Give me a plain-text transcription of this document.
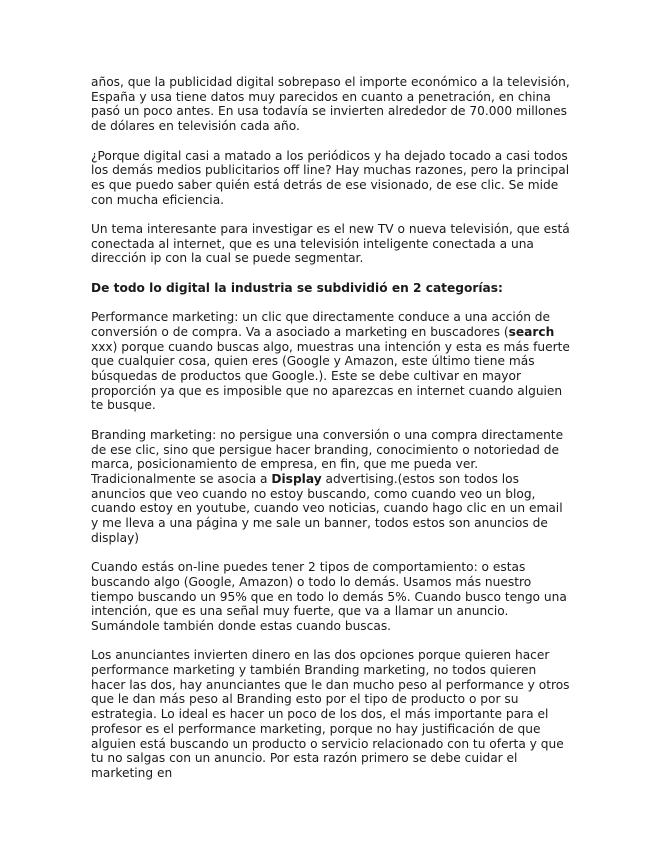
años, que la publicidad digital sobrepaso el importe económico a la televisión, España y usa tiene datos muy parecidos en cuanto a penetración, en china pasó un poco antes. En usa todavía se invierten alrededor de 70.000 millones de dólares en televisión cada año.

¿Porque digital casi a matado a los periódicos y ha dejado tocado a casi todos los demás medios publicitarios off line? Hay muchas razones, pero la principal es que puedo saber quién está detrás de ese visionado, de ese clic. Se mide con mucha eficiencia.

Un tema interesante para investigar es el new TV o nueva televisión, que está conectada al internet, que es una televisión inteligente conectada a una dirección ip con la cual se puede segmentar.

De todo lo digital la industria se subdividió en 2 categorías:

Performance marketing: un clic que directamente conduce a una acción de conversión o de compra. Va a asociado a marketing en buscadores (search xxx) porque cuando buscas algo, muestras una intención y esta es más fuerte que cualquier cosa, quien eres (Google y Amazon, este último tiene más búsquedas de productos que Google.). Este se debe cultivar en mayor proporción ya que es imposible que no aparezcas en internet cuando alguien te busque.

Branding marketing: no persigue una conversión o una compra directamente de ese clic, sino que persigue hacer branding, conocimiento o notoriedad de marca, posicionamiento de empresa, en fin, que me pueda ver. Tradicionalmente se asocia a Display advertising.(estos son todos los anuncios que veo cuando no estoy buscando, como cuando veo un blog, cuando estoy en youtube, cuando veo noticias, cuando hago clic en un email y me lleva a una página y me sale un banner, todos estos son anuncios de display)

Cuando estás on-line puedes tener 2 tipos de comportamiento: o estas buscando algo (Google, Amazon) o todo lo demás. Usamos más nuestro tiempo buscando un 95% que en todo lo demás 5%. Cuando busco tengo una intención, que es una señal muy fuerte, que va a llamar un anuncio. Sumándole también donde estas cuando buscas.

Los anunciantes invierten dinero en las dos opciones porque quieren hacer performance marketing y también Branding marketing, no todos quieren hacer las dos, hay anunciantes que le dan mucho peso al performance y otros que le dan más peso al Branding esto por el tipo de producto o por su estrategia. Lo ideal es hacer un poco de los dos, el más importante para el profesor es el performance marketing, porque no hay justificación de que alguien está buscando un producto o servicio relacionado con tu oferta y que tu no salgas con un anuncio. Por esta razón primero se debe cuidar el marketing en
